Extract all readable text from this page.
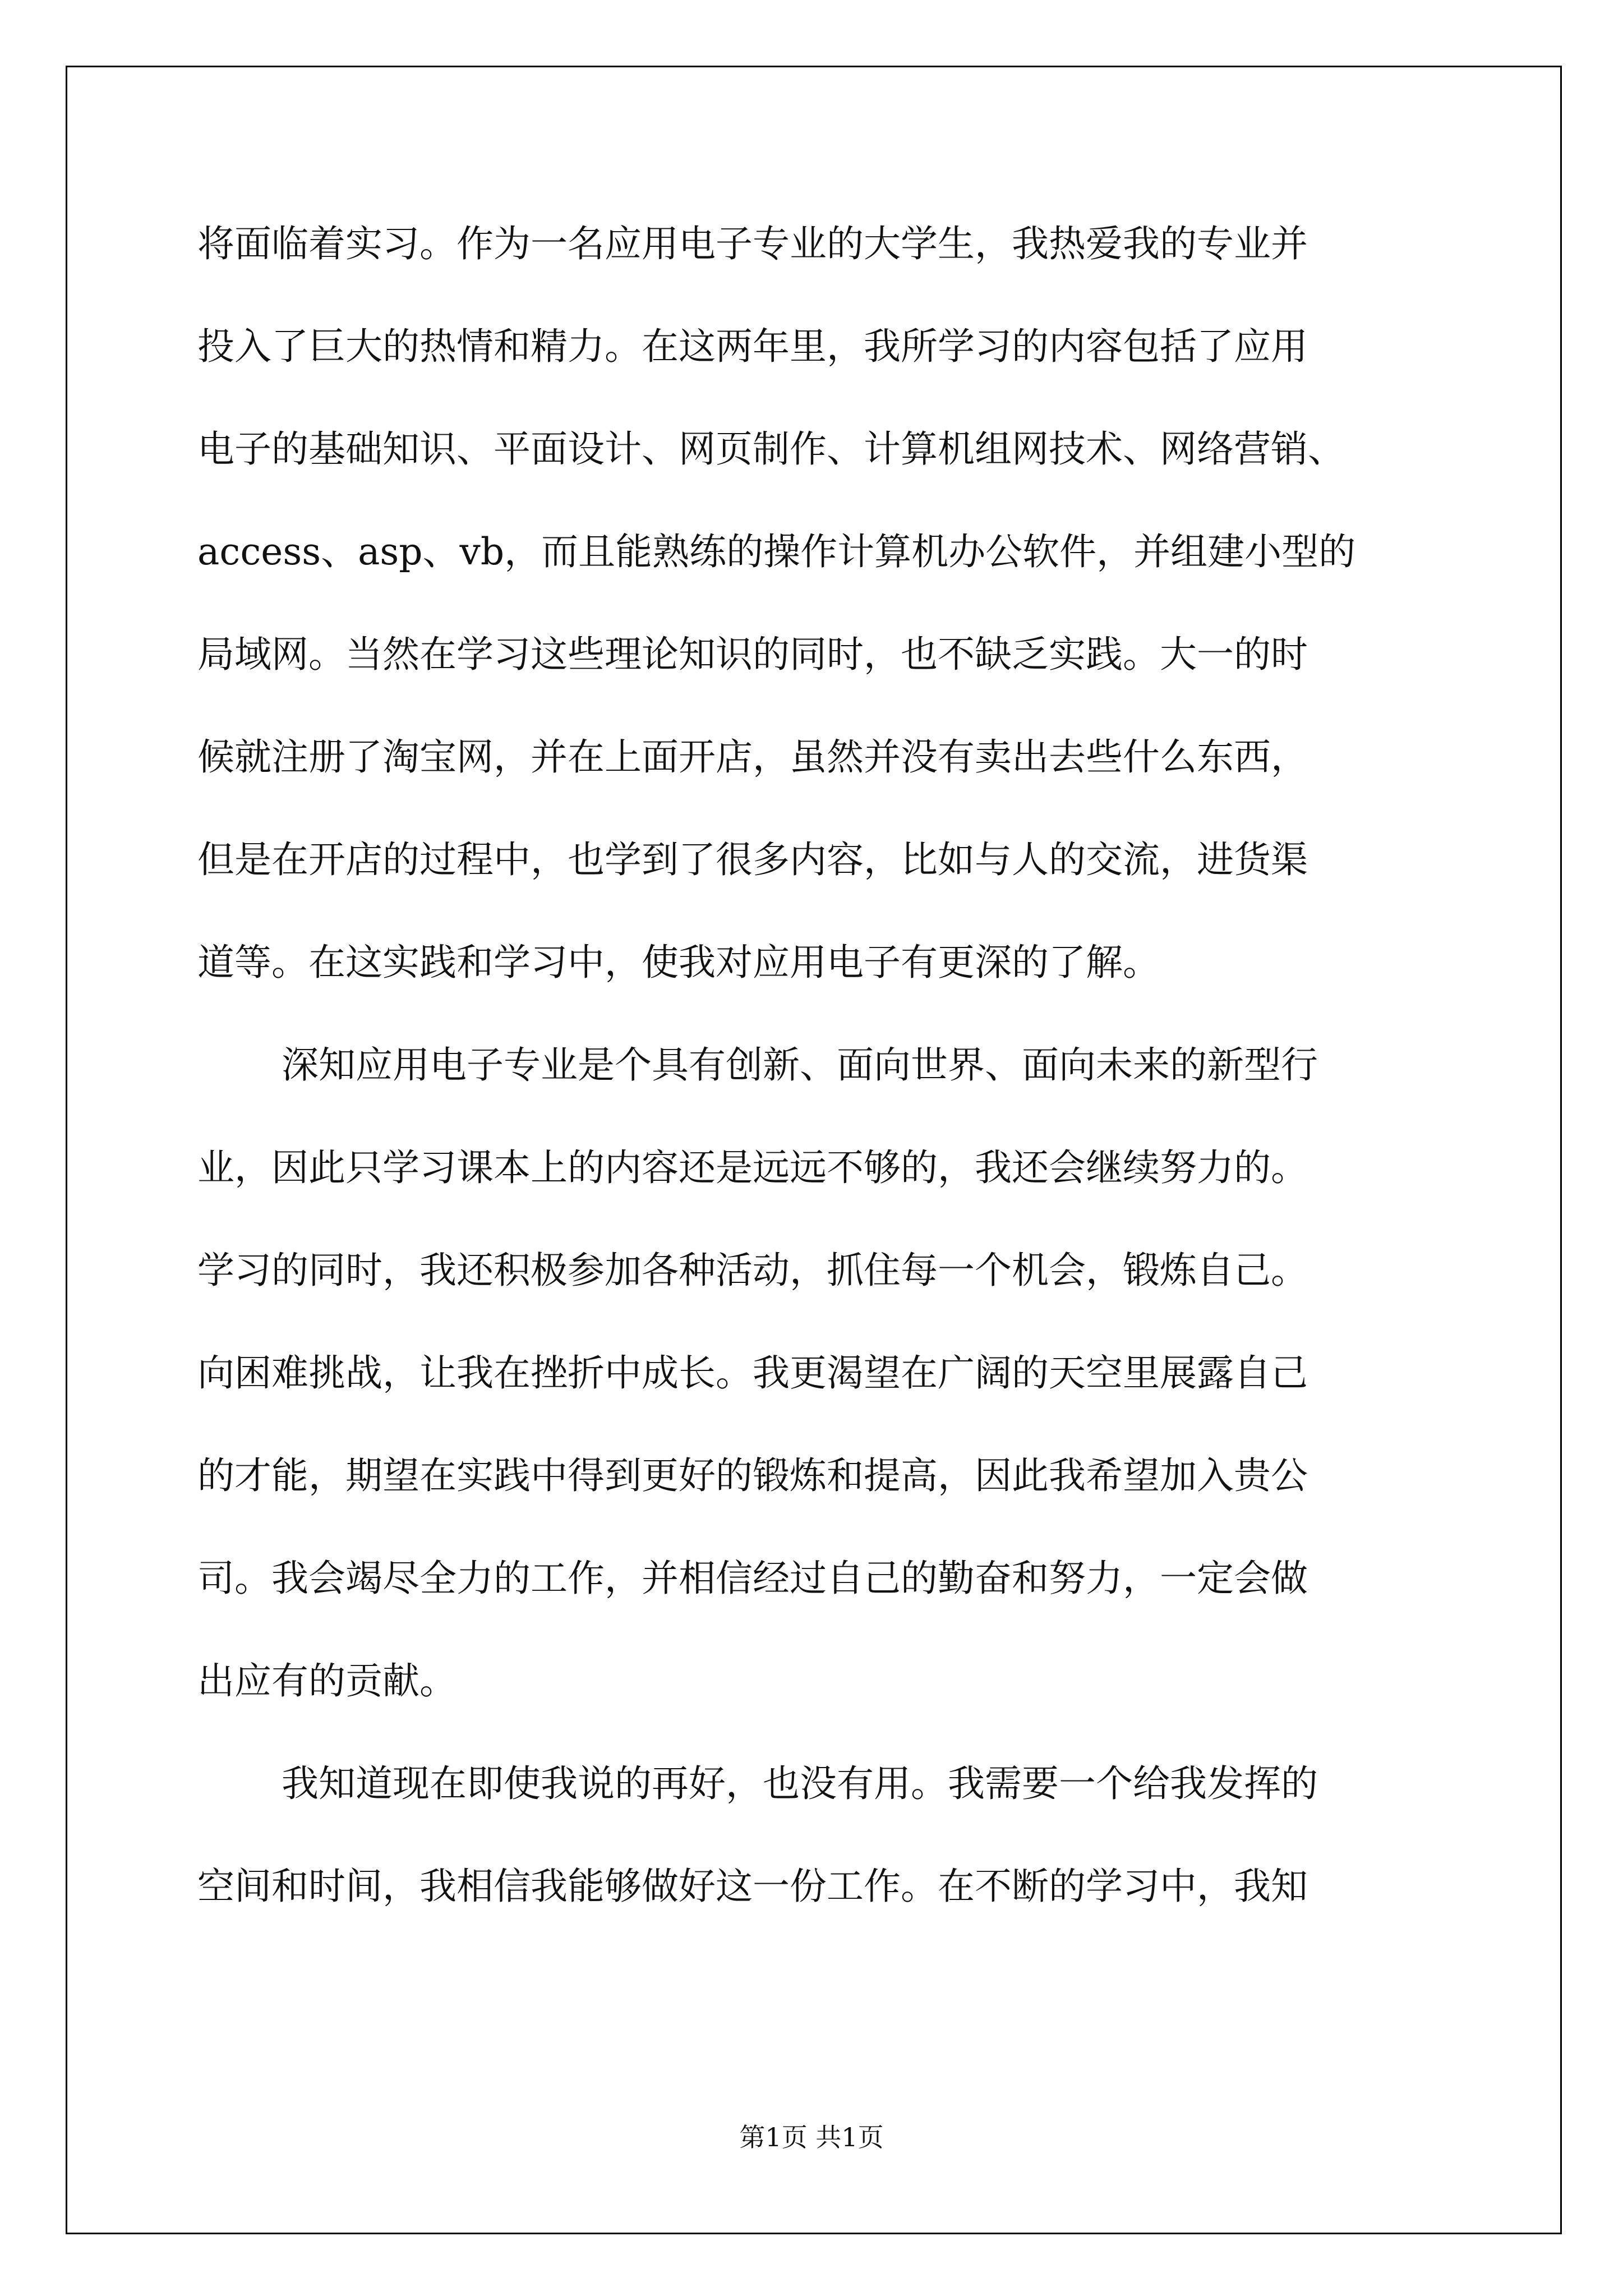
将面临着实习。作为一名应用电子专业的大学生，我热爱我的专业并
投入了巨大的热情和精力。在这两年里，我所学习的内容包括了应用
电子的基础知识、平面设计、网页制作、计算机组网技术、网络营销、
access、asp、vb，而且能熟练的操作计算机办公软件，并组建小型的
局域网。当然在学习这些理论知识的同时，也不缺乏实践。大一的时
候就注册了淘宝网，并在上面开店，虽然并没有卖出去些什么东西，
但是在开店的过程中，也学到了很多内容，比如与人的交流，进货渠
道等。在这实践和学习中，使我对应用电子有更深的了解。
深知应用电子专业是个具有创新、面向世界、面向未来的新型行
业，因此只学习课本上的内容还是远远不够的，我还会继续努力的。
学习的同时，我还积极参加各种活动，抓住每一个机会，锻炼自己。
向困难挑战，让我在挫折中成长。我更渴望在广阔的天空里展露自己
的才能，期望在实践中得到更好的锻炼和提高，因此我希望加入贵公
司。我会竭尽全力的工作，并相信经过自己的勤奋和努力，一定会做
出应有的贡献。
我知道现在即使我说的再好，也没有用。我需要一个给我发挥的
空间和时间，我相信我能够做好这一份工作。在不断的学习中，我知
第1页 共1页
